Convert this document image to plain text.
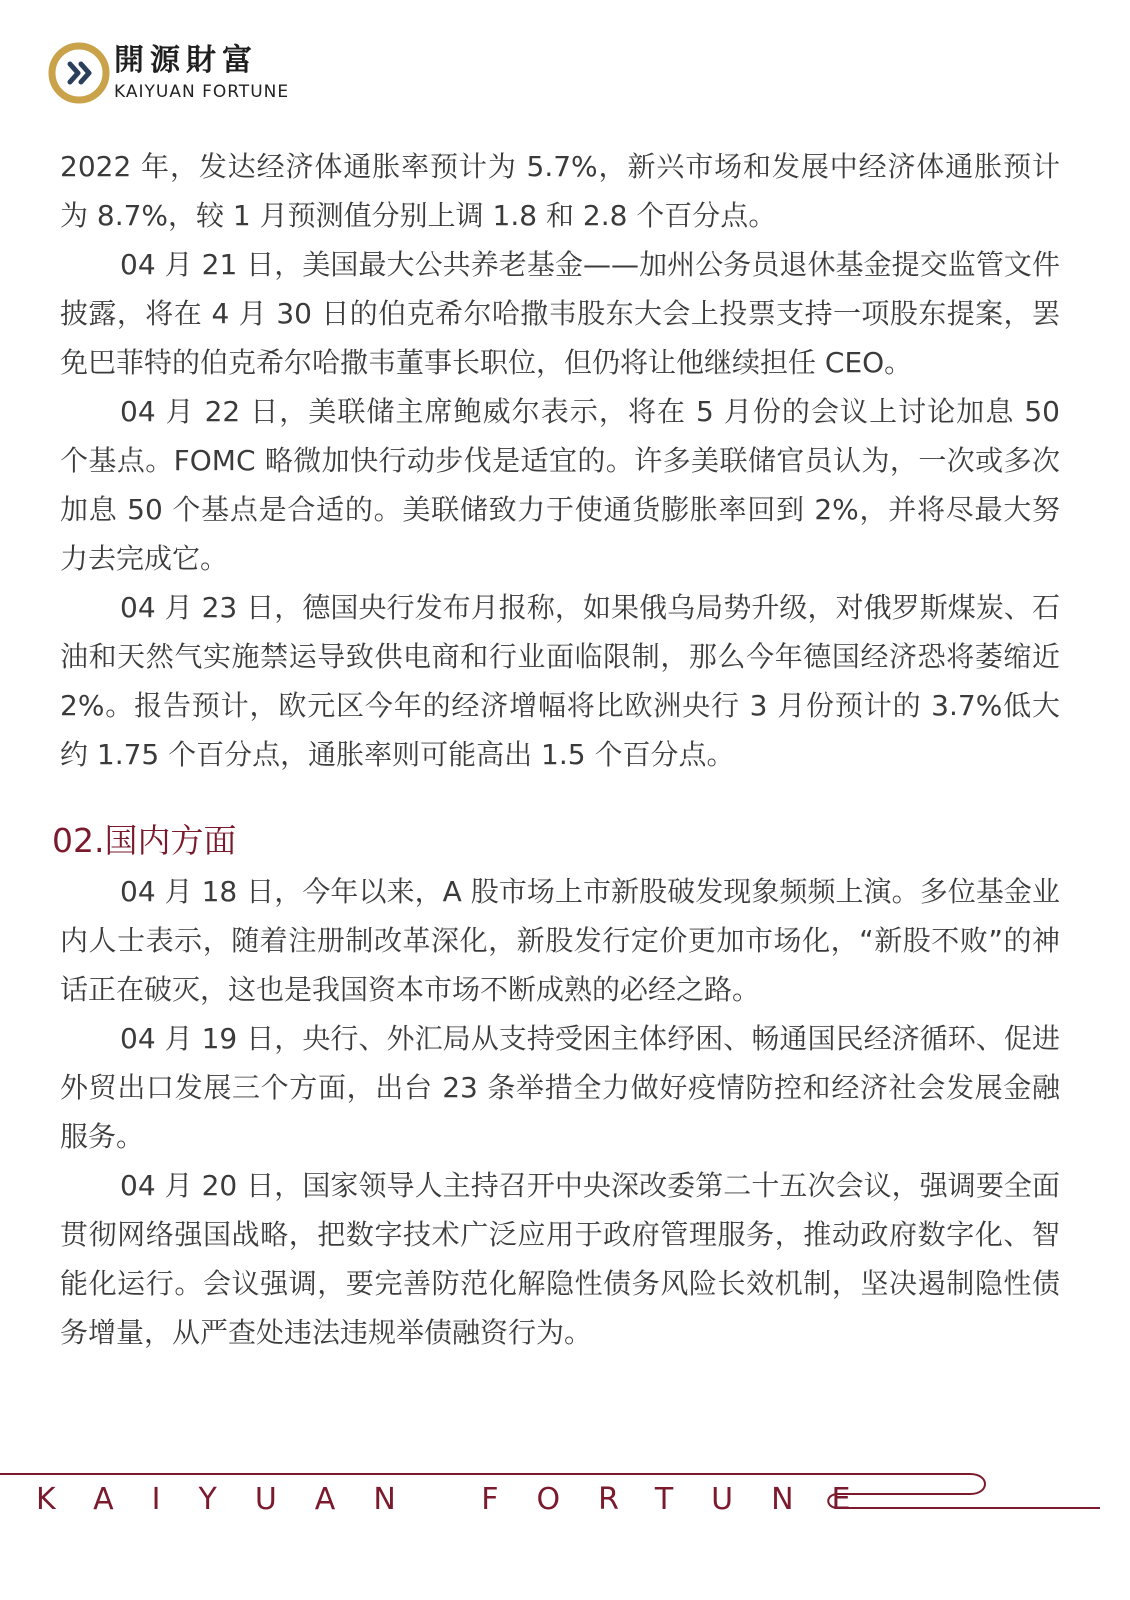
開源財富
KAIYUAN FORTUNE

2022 年，发达经济体通胀率预计为 5.7%，新兴市场和发展中经济体通胀预计为 8.7%，较 1 月预测值分别上调 1.8 和 2.8 个百分点。

04 月 21 日，美国最大公共养老基金——加州公务员退休基金提交监管文件披露，将在 4 月 30 日的伯克希尔哈撒韦股东大会上投票支持一项股东提案，罢免巴菲特的伯克希尔哈撒韦董事长职位，但仍将让他继续担任 CEO。

04 月 22 日，美联储主席鲍威尔表示，将在 5 月份的会议上讨论加息 50 个基点。FOMC 略微加快行动步伐是适宜的。许多美联储官员认为，一次或多次加息 50 个基点是合适的。美联储致力于使通货膨胀率回到 2%，并将尽最大努力去完成它。

04 月 23 日，德国央行发布月报称，如果俄乌局势升级，对俄罗斯煤炭、石油和天然气实施禁运导致供电商和行业面临限制，那么今年德国经济恐将萎缩近 2%。报告预计，欧元区今年的经济增幅将比欧洲央行 3 月份预计的 3.7%低大约 1.75 个百分点，通胀率则可能高出 1.5 个百分点。

02.国内方面

04 月 18 日，今年以来，A 股市场上市新股破发现象频频上演。多位基金业内人士表示，随着注册制改革深化，新股发行定价更加市场化，“新股不败”的神话正在破灭，这也是我国资本市场不断成熟的必经之路。

04 月 19 日，央行、外汇局从支持受困主体纾困、畅通国民经济循环、促进外贸出口发展三个方面，出台 23 条举措全力做好疫情防控和经济社会发展金融服务。

04 月 20 日，国家领导人主持召开中央深改委第二十五次会议，强调要全面贯彻网络强国战略，把数字技术广泛应用于政府管理服务，推动政府数字化、智能化运行。会议强调，要完善防范化解隐性债务风险长效机制，坚决遏制隐性债务增量，从严查处违法违规举债融资行为。

KAIYUAN FORTUNE
